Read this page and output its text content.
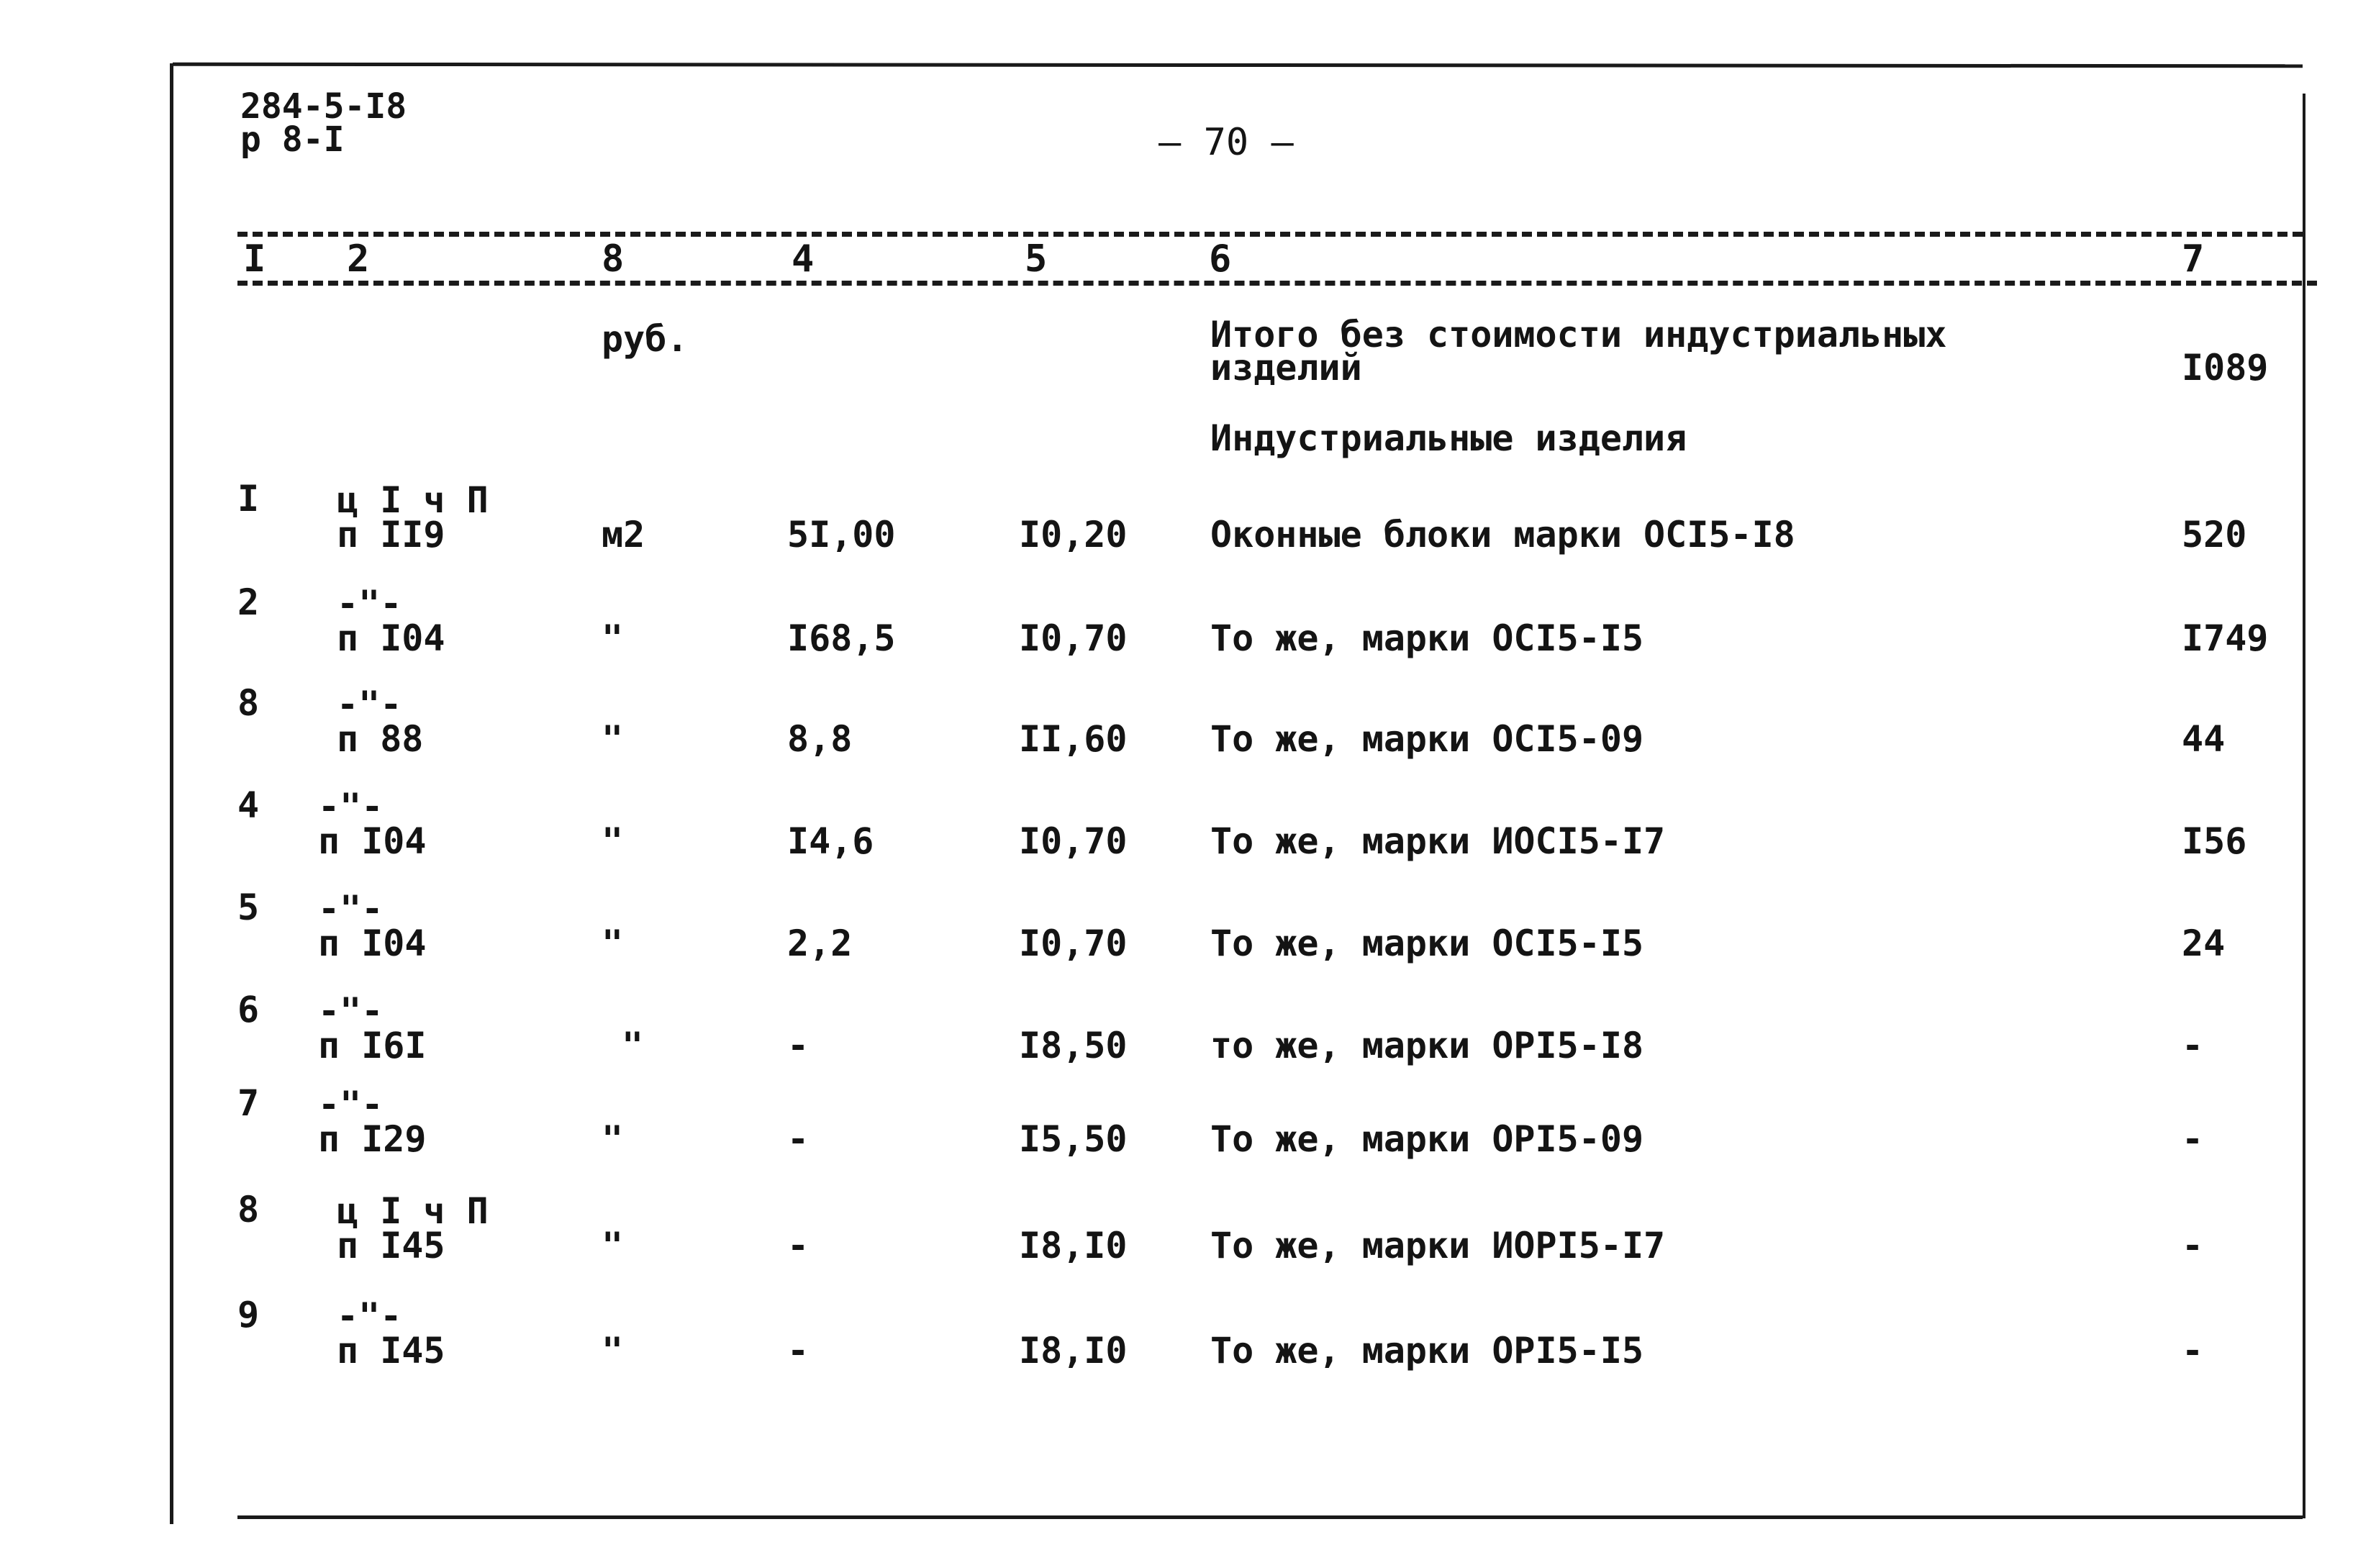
284-5-I8
p 8-I	— 70 —
I 2	8	4	5	6	7
руб.	Итого без стоимости индустриальных
изделий	I089
Индустриальные изделия
I ц I ч П
п II9	м2	5I,00	I0,20 Оконные блоки марки ОСI5-I8	520
2 -"-
п I04	"	I68,5	I0,70 То же, марки ОСI5-I5	I749
8 -"-
п 88	"	8,8	II,60 То же, марки ОСI5-09	44
4 -"-
п I04	"	I4,6	I0,70 То же, марки ИОСI5-I7	I56
5 -"-
п I04	"	2,2	I0,70 То же, марки ОСI5-I5	24
6 -"-
п I6I	"	-	I8,50 то же, марки ОРI5-I8	-
7 -"-
п I29	"	-	I5,50 То же, марки ОРI5-09	-
8 ц I ч П
п I45	"	-	I8,I0 То же, марки ИОРI5-I7	-
9 -"-
п I45	"	-	I8,I0 То же, марки ОРI5-I5	-
